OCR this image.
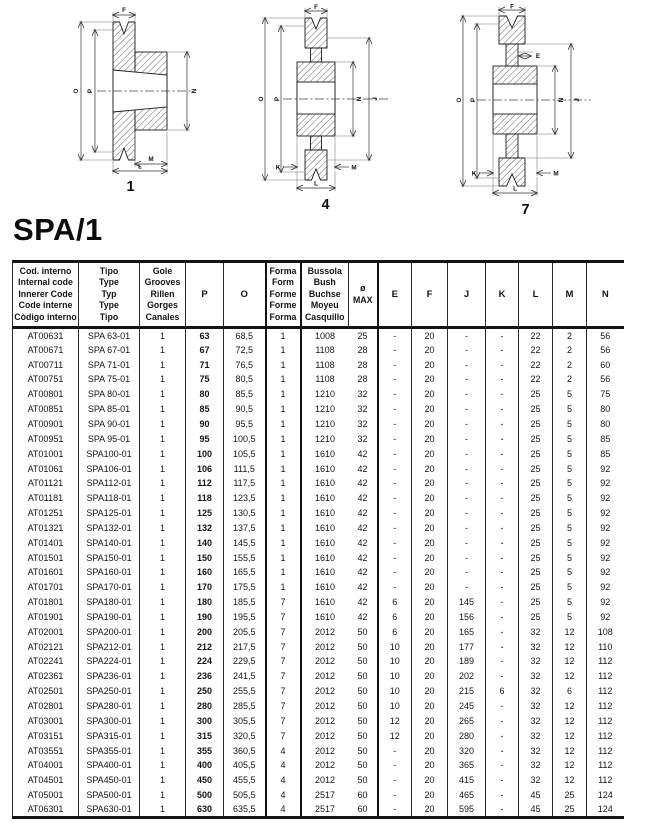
F
O P	N
M
L
1
F
O P	N J
K	M
L
4
F
E
O P	N J
K	M
L
7
SPA/1
Cod. interno
Internal code
Innerer Code
Code interne
Còdigo interno

Tipo
Type
Typ
Type
Tipo

Gole
Grooves
Rillen
Gorges
Canales
	P	O	
Forma
Form
Forme
Forme
Forma

Bussola
Bush
Buchse
Moyeu
Casquillo

ø
MAX	E	F	J	K	L	M	N
AT00631	SPA 63-01	1	63	68,5	1	1008	25	-	20	-	-	22	2	56
AT00671	SPA 67-01	1	67	72,5	1	1108	28	-	20	-	-	22	2	56
AT00711	SPA 71-01	1	71	76,5	1	1108	28	-	20	-	-	22	2	60
AT00751	SPA 75-01	1	75	80,5	1	1108	28	-	20	-	-	22	2	56
AT00801	SPA 80-01	1	80	85,5	1	1210	32	-	20	-	-	25	5	75
AT00851	SPA 85-01	1	85	90,5	1	1210	32	-	20	-	-	25	5	80
AT00901	SPA 90-01	1	90	95,5	1	1210	32	-	20	-	-	25	5	80
AT00951	SPA 95-01	1	95	100,5	1	1210	32	-	20	-	-	25	5	85
AT01001	SPA100-01	1	100	105,5	1	1610	42	-	20	-	-	25	5	85
AT01061	SPA106-01	1	106	111,5	1	1610	42	-	20	-	-	25	5	92
AT01121	SPA112-01	1	112	117,5	1	1610	42	-	20	-	-	25	5	92
AT01181	SPA118-01	1	118	123,5	1	1610	42	-	20	-	-	25	5	92
AT01251	SPA125-01	1	125	130,5	1	1610	42	-	20	-	-	25	5	92
AT01321	SPA132-01	1	132	137,5	1	1610	42	-	20	-	-	25	5	92
AT01401	SPA140-01	1	140	145,5	1	1610	42	-	20	-	-	25	5	92
AT01501	SPA150-01	1	150	155,5	1	1610	42	-	20	-	-	25	5	92
AT01601	SPA160-01	1	160	165,5	1	1610	42	-	20	-	-	25	5	92
AT01701	SPA170-01	1	170	175,5	1	1610	42	-	20	-	-	25	5	92
AT01801	SPA180-01	1	180	185,5	7	1610	42	6	20	145	-	25	5	92
AT01901	SPA190-01	1	190	195,5	7	1610	42	6	20	156	-	25	5	92
AT02001	SPA200-01	1	200	205,5	7	2012	50	6	20	165	-	32	12	108
AT02121	SPA212-01	1	212	217,5	7	2012	50	10	20	177	-	32	12	110
AT02241	SPA224-01	1	224	229,5	7	2012	50	10	20	189	-	32	12	112
AT02361	SPA236-01	1	236	241,5	7	2012	50	10	20	202	-	32	12	112
AT02501	SPA250-01	1	250	255,5	7	2012	50	10	20	215	6	32	6	112
AT02801	SPA280-01	1	280	285,5	7	2012	50	10	20	245	-	32	12	112
AT03001	SPA300-01	1	300	305,5	7	2012	50	12	20	265	-	32	12	112
AT03151	SPA315-01	1	315	320,5	7	2012	50	12	20	280	-	32	12	112
AT03551	SPA355-01	1	355	360,5	4	2012	50	-	20	320	-	32	12	112
AT04001	SPA400-01	1	400	405,5	4	2012	50	-	20	365	-	32	12	112
AT04501	SPA450-01	1	450	455,5	4	2012	50	-	20	415	-	32	12	112
AT05001	SPA500-01	1	500	505,5	4	2517	60	-	20	465	-	45	25	124
AT06301	SPA630-01	1	630	635,5	4	2517	60	-	20	595	-	45	25	124
